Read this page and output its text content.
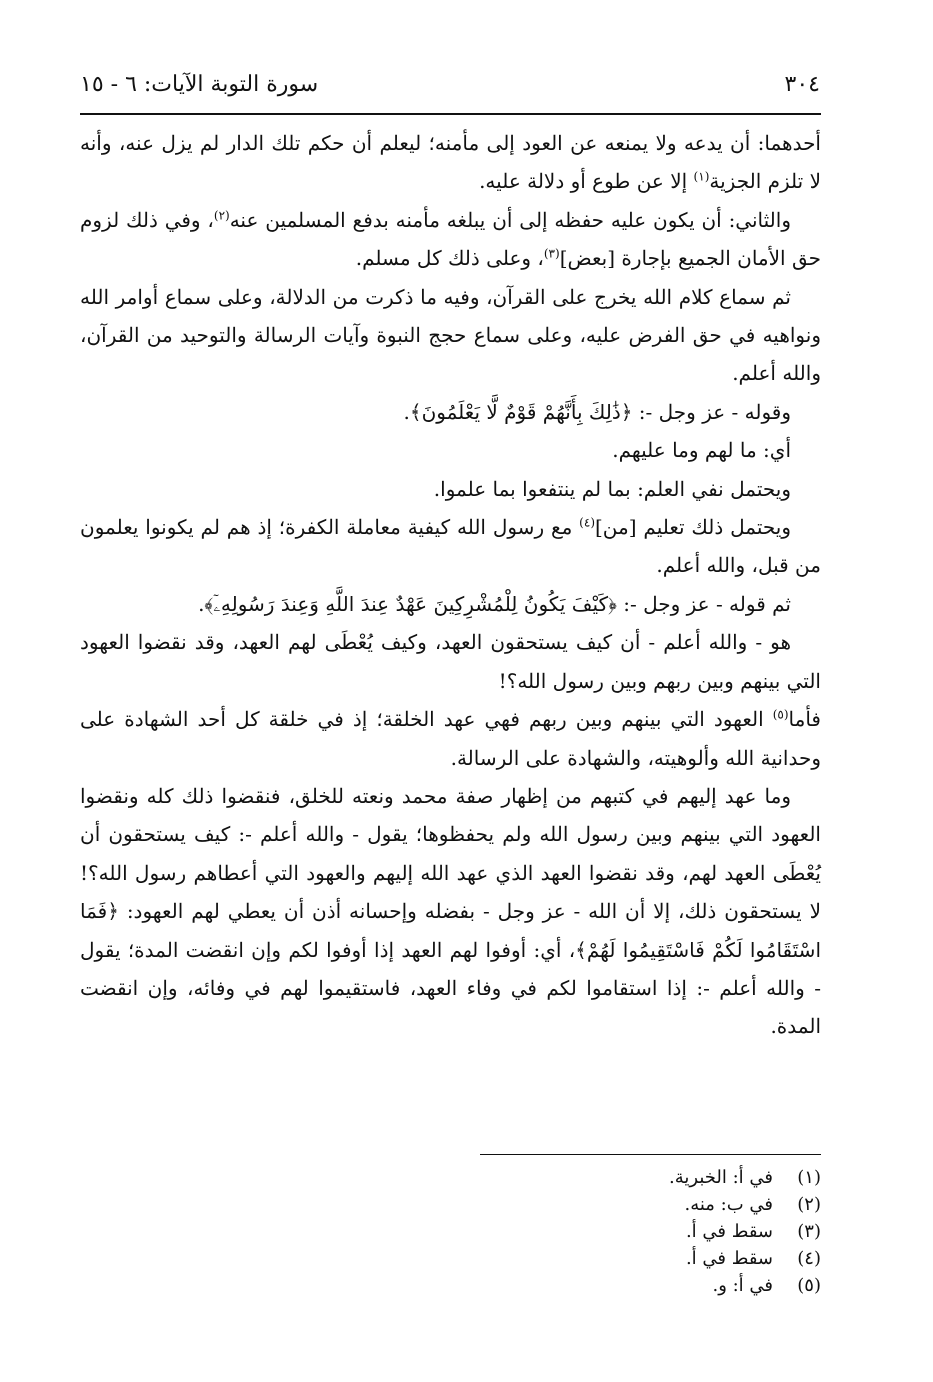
٣٠٤
سورة التوبة الآيات: ٦ - ١٥

أحدهما: أن يدعه ولا يمنعه عن العود إلى مأمنه؛ ليعلم أن حكم تلك الدار لم يزل عنه، وأنه لا تلزم الجزية$^{(١)}$ إلا عن طوع أو دلالة عليه.

والثاني: أن يكون عليه حفظه إلى أن يبلغه مأمنه بدفع المسلمين عنه$^{(٢)}$، وفي ذلك لزوم حق الأمان الجميع بإجارة [بعض]$^{(٣)}$، وعلى ذلك كل مسلم.

ثم سماع كلام الله يخرج على القرآن، وفيه ما ذكرت من الدلالة، وعلى سماع أوامر الله ونواهيه في حق الفرض عليه، وعلى سماع حجج النبوة وآيات الرسالة والتوحيد من القرآن، والله أعلم.

وقوله - عز وجل -: ﴿ذَٰلِكَ بِأَنَّهُمْ قَوْمٌ لَّا يَعْلَمُونَ﴾.

أي: ما لهم وما عليهم.

ويحتمل نفي العلم: بما لم ينتفعوا بما علموا.

ويحتمل ذلك تعليم [من]$^{(٤)}$ مع رسول الله كيفية معاملة الكفرة؛ إذ هم لم يكونوا يعلمون من قبل، والله أعلم.

ثم قوله - عز وجل -: ﴿كَيْفَ يَكُونُ لِلْمُشْرِكِينَ عَهْدٌ عِندَ اللَّهِ وَعِندَ رَسُولِهِۦٓ﴾.

هو - والله أعلم - أن كيف يستحقون العهد، وكيف يُعْطَى لهم العهد، وقد نقضوا العهود التي بينهم وبين ربهم وبين رسول الله؟!

فأما$^{(٥)}$ العهود التي بينهم وبين ربهم فهي عهد الخلقة؛ إذ في خلقة كل أحد الشهادة على وحدانية الله وألوهيته، والشهادة على الرسالة.

وما عهد إليهم في كتبهم من إظهار صفة محمد ونعته للخلق، فنقضوا ذلك كله ونقضوا العهود التي بينهم وبين رسول الله ولم يحفظوها؛ يقول - والله أعلم -: كيف يستحقون أن يُعْطَى العهد لهم، وقد نقضوا العهد الذي عهد الله إليهم والعهود التي أعطاهم رسول الله؟! لا يستحقون ذلك، إلا أن الله - عز وجل - بفضله وإحسانه أذن أن يعطي لهم العهود: ﴿فَمَا اسْتَقَامُوا لَكُمْ فَاسْتَقِيمُوا لَهُمْ﴾، أي: أوفوا لهم العهد إذا أوفوا لكم وإن انقضت المدة؛ يقول - والله أعلم -: إذا استقاموا لكم في وفاء العهد، فاستقيموا لهم في وفائه، وإن انقضت المدة.

(١)في أ: الخبرية.
(٢)في ب: منه.
(٣)سقط في أ.
(٤)سقط في أ.
(٥)في أ: و.
